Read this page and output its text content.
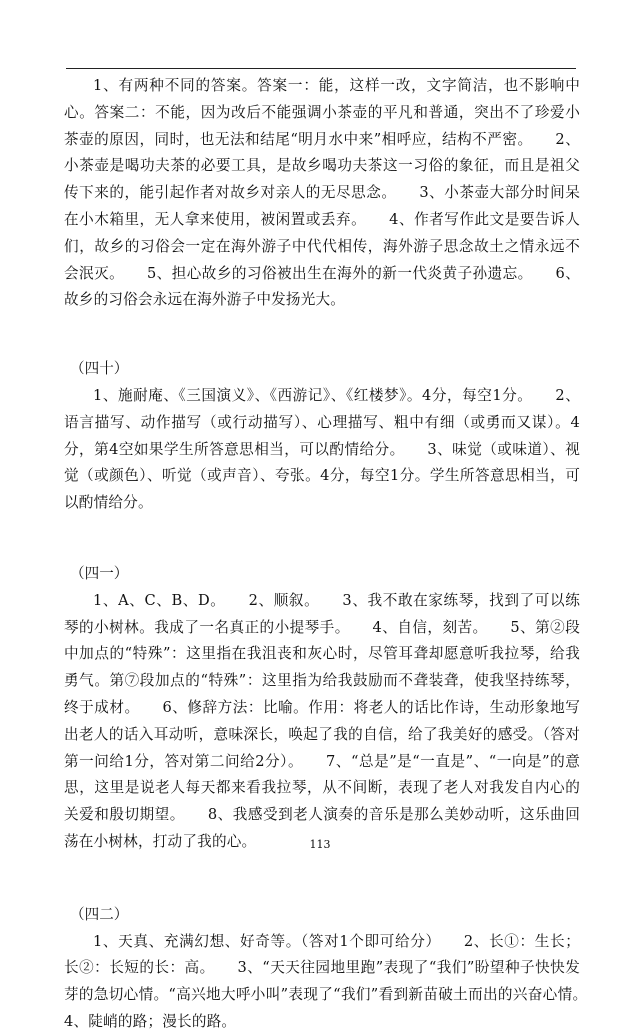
1、有两种不同的答案。答案一：能，这样一改，文字简洁，也不影响中心。答案二：不能，因为改后不能强调小茶壶的平凡和普通，突出不了珍爱小茶壶的原因，同时，也无法和结尾“明月水中来”相呼应，结构不严密。　　2、小茶壶是喝功夫茶的必要工具，是故乡喝功夫茶这一习俗的象征，而且是祖父传下来的，能引起作者对故乡对亲人的无尽思念。　　3、小茶壶大部分时间呆在小木箱里，无人拿来使用，被闲置或丢弃。　　4、作者写作此文是要告诉人们，故乡的习俗会一定在海外游子中代代相传，海外游子思念故土之情永远不会泯灭。　　5、担心故乡的习俗被出生在海外的新一代炎黄子孙遗忘。　　6、故乡的习俗会永远在海外游子中发扬光大。

（四十）

1、施耐庵、《三国演义》、《西游记》、《红楼梦》。4分，每空1分。　　2、语言描写、动作描写（或行动描写）、心理描写、粗中有细（或勇而又谋）。4分，第4空如果学生所答意思相当，可以酌情给分。　　3、味觉（或味道）、视觉（或颜色）、听觉（或声音）、夸张。4分，每空1分。学生所答意思相当，可以酌情给分。

（四一）

1、A、C、B、D。　　2、顺叙。　　3、我不敢在家练琴，找到了可以练琴的小树林。我成了一名真正的小提琴手。　　4、自信，刻苦。　　5、第②段中加点的“特殊”：这里指在我沮丧和灰心时，尽管耳聋却愿意听我拉琴，给我勇气。第⑦段加点的“特殊”：这里指为给我鼓励而不聋装聋，使我坚持练琴，终于成材。　　6、修辞方法：比喻。作用：将老人的话比作诗，生动形象地写出老人的话入耳动听，意味深长，唤起了我的自信，给了我美好的感受。（答对第一问给1分，答对第二问给2分）。　　7、“总是”是“一直是”、“一向是”的意思，这里是说老人每天都来看我拉琴，从不间断，表现了老人对我发自内心的关爱和殷切期望。　　8、我感受到老人演奏的音乐是那么美妙动听，这乐曲回荡在小树林，打动了我的心。

（四二）

1、天真、充满幻想、好奇等。（答对1个即可给分）　　2、长①：生长；长②：长短的长：高。　　3、“天天往园地里跑”表现了“我们”盼望种子快快发芽的急切心情。“高兴地大呼小叫”表现了“我们”看到新苗破土而出的兴奋心情。　　4、陡峭的路；漫长的路。

113
